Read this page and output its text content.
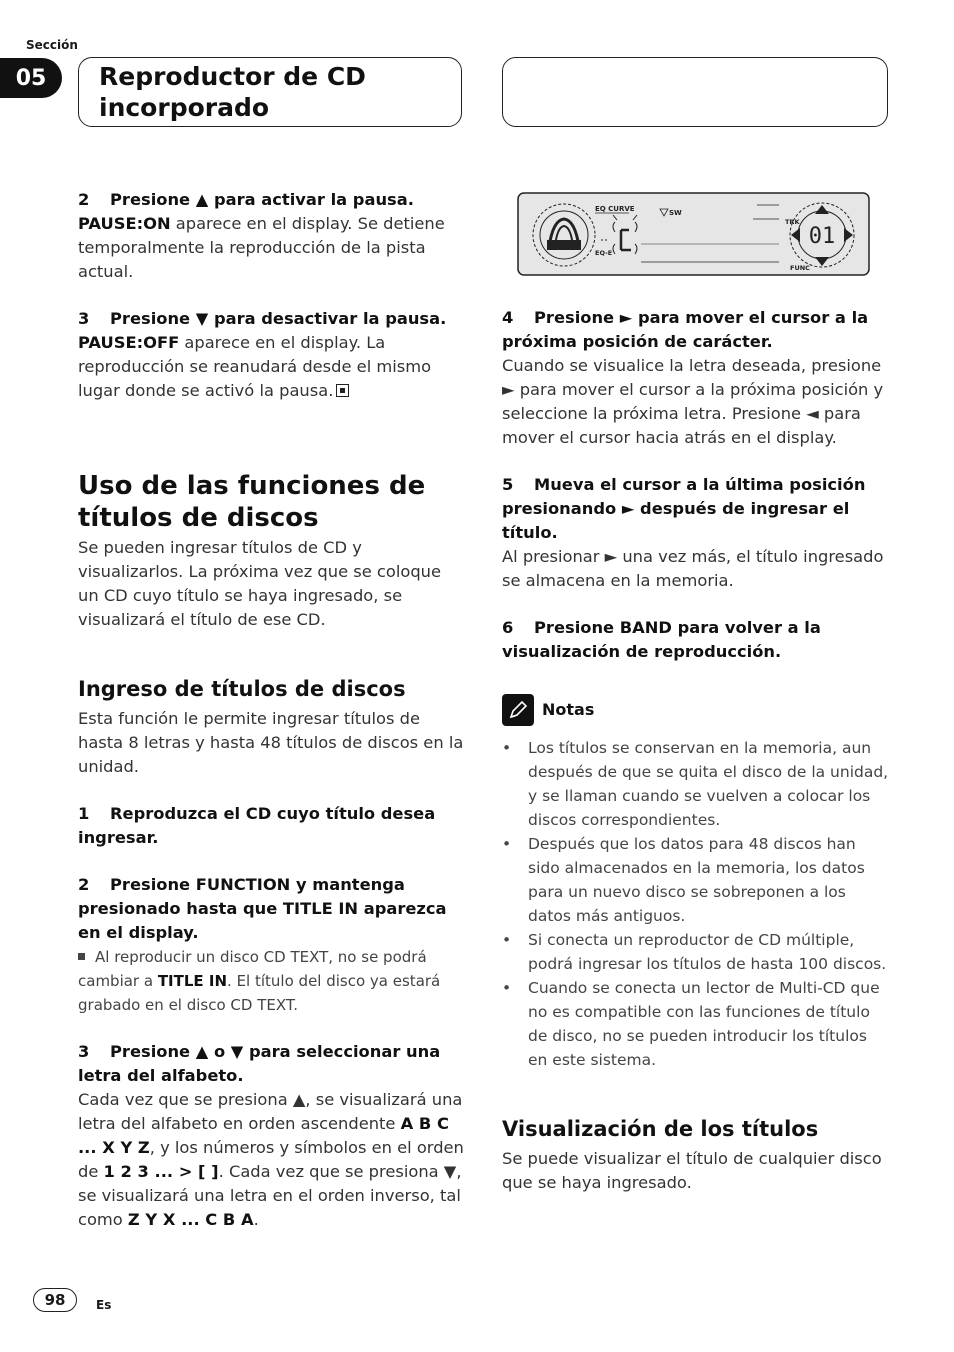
Sección
05	Reproductor de CD
incorporado

2 Presione ▲ para activar la pausa.

PAUSE:ON aparece en el display. Se detiene temporalmente la reproducción de la pista actual.

3 Presione ▼ para desactivar la pausa.

PAUSE:OFF aparece en el display. La reproducción se reanudará desde el mismo lugar donde se activó la pausa.

Uso de las funciones de
títulos de discos

Se pueden ingresar títulos de CD y visualizarlos. La próxima vez que se coloque un CD cuyo título se haya ingresado, se visualizará el título de ese CD.

Ingreso de títulos de discos

Esta función le permite ingresar títulos de hasta 8 letras y hasta 48 títulos de discos en la unidad.

1 Reproduzca el CD cuyo título desea ingresar.

2 Presione FUNCTION y mantenga presionado hasta que TITLE IN aparezca en el display.

Al reproducir un disco CD TEXT, no se podrá cambiar a TITLE IN. El título del disco ya estará grabado en el disco CD TEXT.

3 Presione ▲ o ▼ para seleccionar una letra del alfabeto.

Cada vez que se presiona ▲, se visualizará una letra del alfabeto en orden ascendente A B C ... X Y Z, y los números y símbolos en el orden de 1 2 3 ... > [ ]. Cada vez que se presiona ▼, se visualizará una letra en el orden inverso, tal como Z Y X ... C B A.

EQ CURVE	SW
EQ-E
TRK
FUNC
01

4 Presione ► para mover el cursor a la próxima posición de carácter.

Cuando se visualice la letra deseada, presione ► para mover el cursor a la próxima posición y seleccione la próxima letra. Presione ◄ para mover el cursor hacia atrás en el display.

5 Mueva el cursor a la última posición presionando ► después de ingresar el título.

Al presionar ► una vez más, el título ingresado se almacena en la memoria.

6 Presione BAND para volver a la visualización de reproducción.

Notas
• Los títulos se conservan en la memoria, aun después de que se quita el disco de la unidad, y se llaman cuando se vuelven a colocar los discos correspondientes.
• Después que los datos para 48 discos han sido almacenados en la memoria, los datos para un nuevo disco se sobreponen a los datos más antiguos.
• Si conecta un reproductor de CD múltiple, podrá ingresar los títulos de hasta 100 discos.
• Cuando se conecta un lector de Multi-CD que no es compatible con las funciones de título de disco, no se pueden introducir los títulos en este sistema.
Visualización de los títulos

Se puede visualizar el título de cualquier disco que se haya ingresado.

98	Es
